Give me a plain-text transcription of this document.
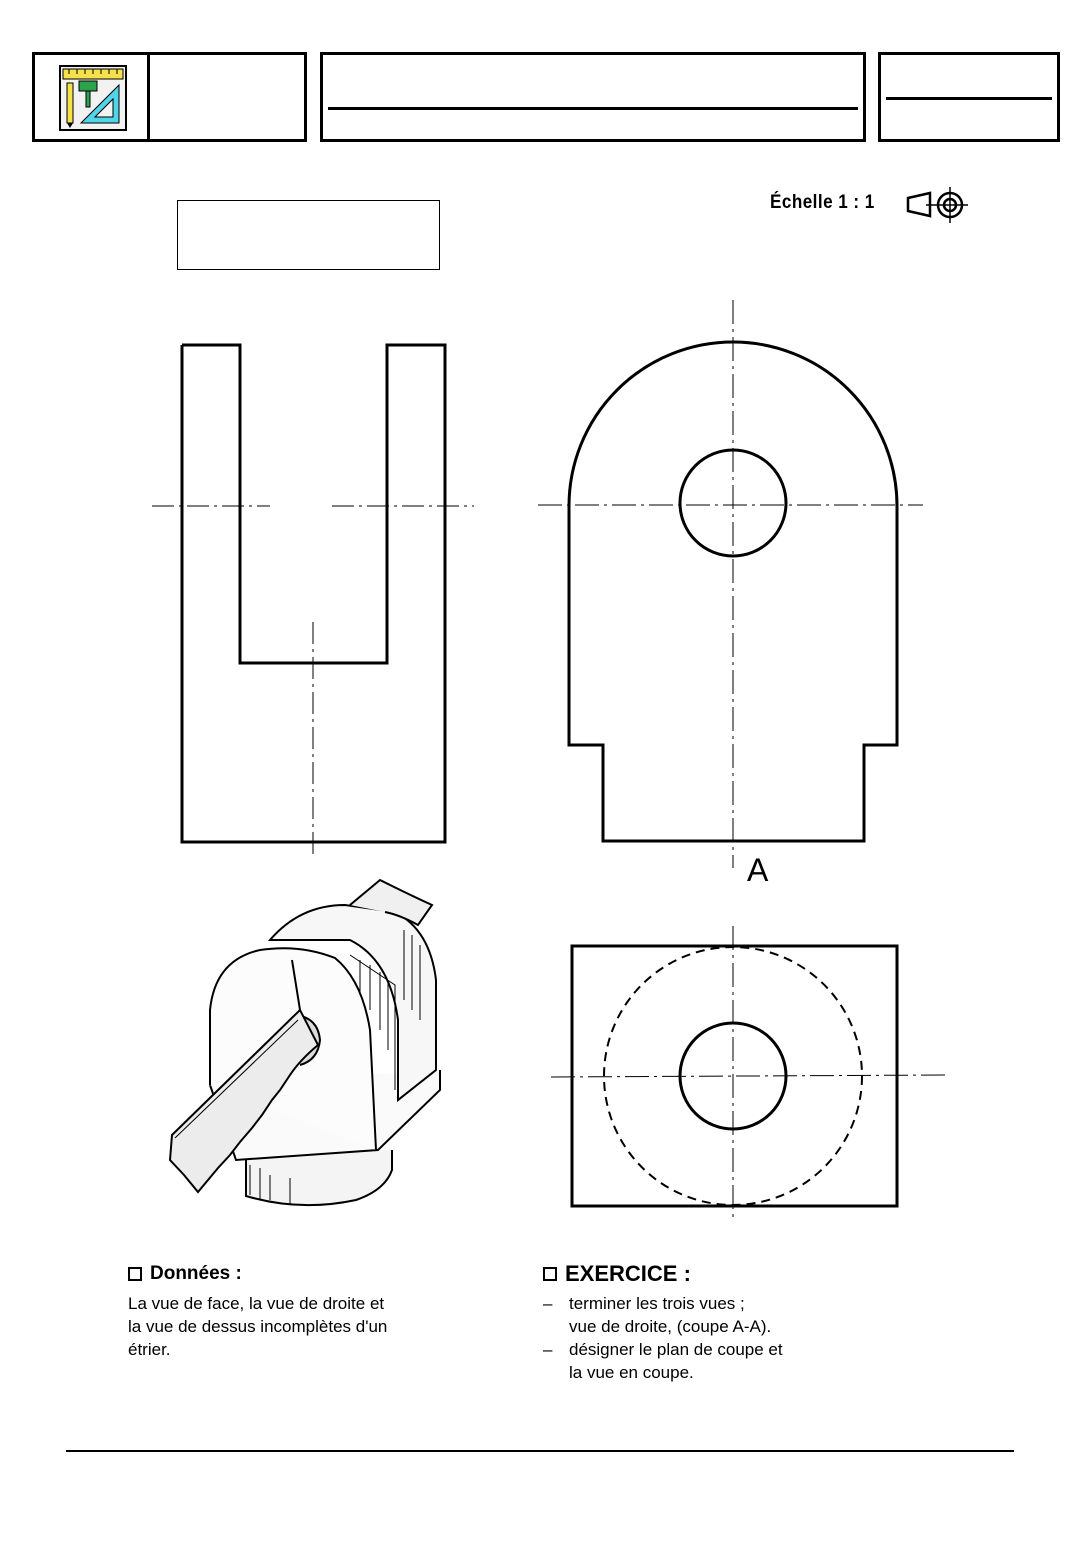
Échelle 1 : 1
A
Données :
La vue de face, la vue de droite et
la vue de dessus incomplètes d'un
étrier.
EXERCICE :
– terminer les trois vues ;
vue de droite, (coupe A-A).
– désigner le plan de coupe et
la vue en coupe.
